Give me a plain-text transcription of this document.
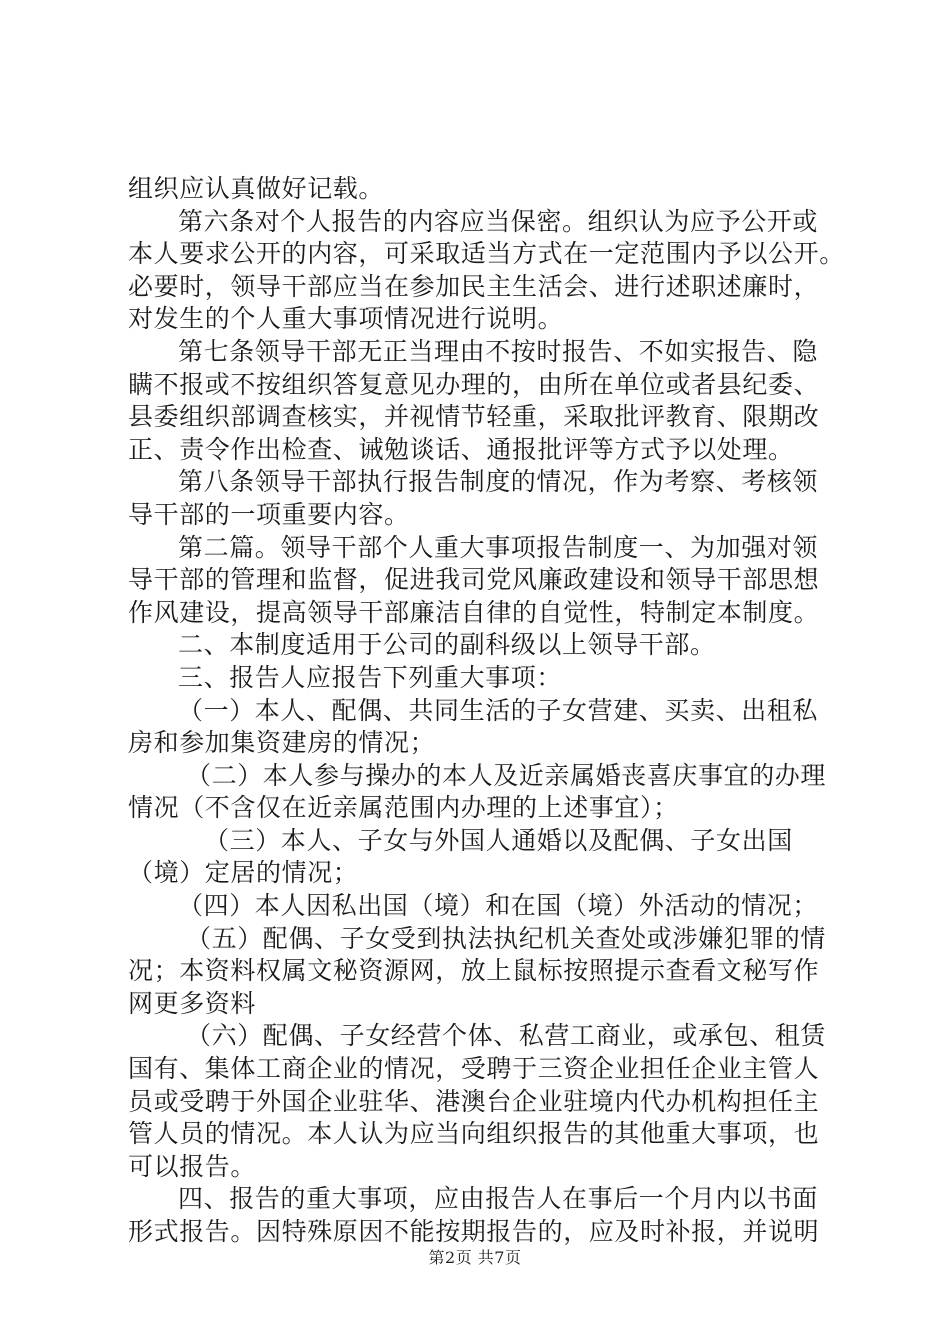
组织应认真做好记载。
第六条对个人报告的内容应当保密。组织认为应予公开或
本人要求公开的内容，可采取适当方式在一定范围内予以公开。
必要时，领导干部应当在参加民主生活会、进行述职述廉时，
对发生的个人重大事项情况进行说明。
第七条领导干部无正当理由不按时报告、不如实报告、隐
瞒不报或不按组织答复意见办理的，由所在单位或者县纪委、
县委组织部调查核实，并视情节轻重，采取批评教育、限期改
正、责令作出检查、诫勉谈话、通报批评等方式予以处理。
第八条领导干部执行报告制度的情况，作为考察、考核领
导干部的一项重要内容。
第二篇。领导干部个人重大事项报告制度一、为加强对领
导干部的管理和监督，促进我司党风廉政建设和领导干部思想
作风建设，提高领导干部廉洁自律的自觉性，特制定本制度。
二、本制度适用于公司的副科级以上领导干部。
三、报告人应报告下列重大事项：
（一）本人、配偶、共同生活的子女营建、买卖、出租私
房和参加集资建房的情况；
（二）本人参与操办的本人及近亲属婚丧喜庆事宜的办理
情况（不含仅在近亲属范围内办理的上述事宜）；
（三）本人、子女与外国人通婚以及配偶、子女出国
（境）定居的情况；
（四）本人因私出国（境）和在国（境）外活动的情况；
（五）配偶、子女受到执法执纪机关查处或涉嫌犯罪的情
况；本资料权属文秘资源网，放上鼠标按照提示查看文秘写作
网更多资料
（六）配偶、子女经营个体、私营工商业，或承包、租赁
国有、集体工商企业的情况，受聘于三资企业担任企业主管人
员或受聘于外国企业驻华、港澳台企业驻境内代办机构担任主
管人员的情况。本人认为应当向组织报告的其他重大事项，也
可以报告。
四、报告的重大事项，应由报告人在事后一个月内以书面
形式报告。因特殊原因不能按期报告的，应及时补报，并说明
第2页 共7页
